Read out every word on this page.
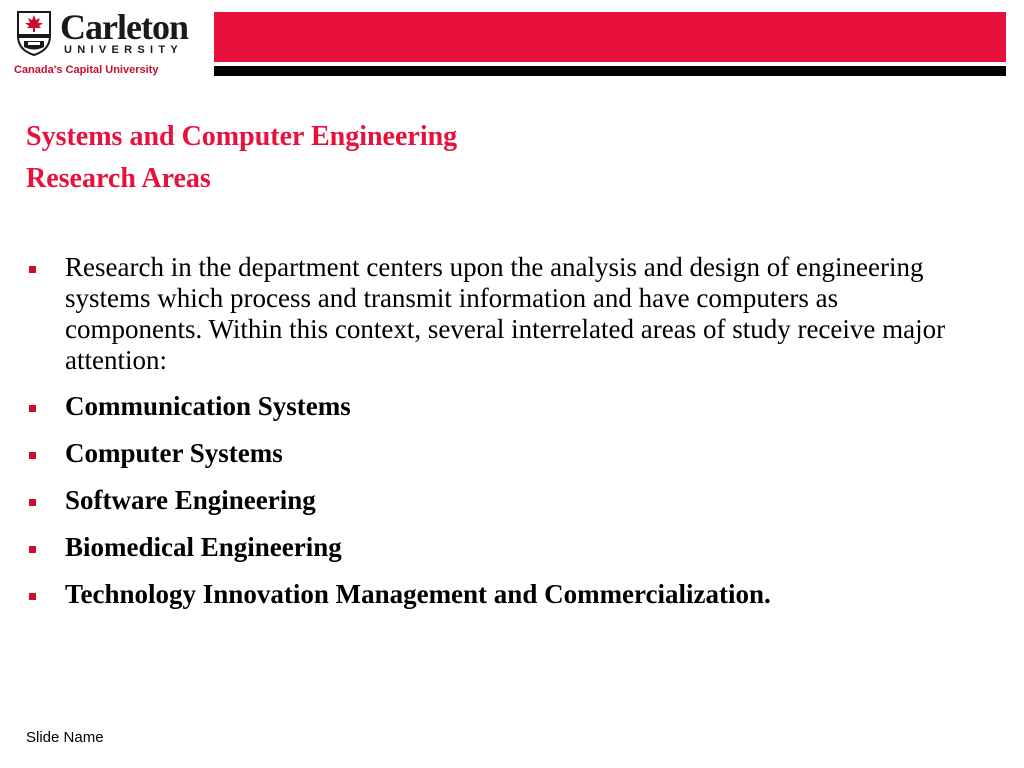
Carleton
UNIVERSITY
Canada's Capital University
Systems and Computer Engineering
Research Areas
Research in the department centers upon the analysis and design of engineering systems which process and transmit information and have computers as components. Within this context, several interrelated areas of study receive major attention:
Communication Systems
Computer Systems
Software Engineering
Biomedical Engineering
Technology Innovation Management and Commercialization.
Slide Name
